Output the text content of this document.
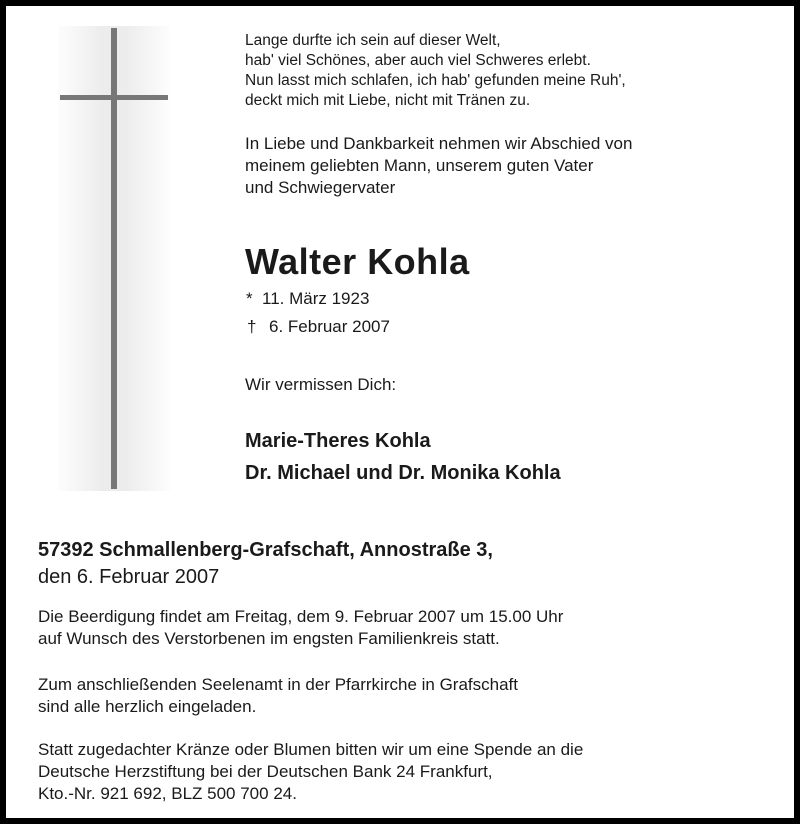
Lange durfte ich sein auf dieser Welt,
hab' viel Schönes, aber auch viel Schweres erlebt.
Nun lasst mich schlafen, ich hab' gefunden meine Ruh',
deckt mich mit Liebe, nicht mit Tränen zu.
In Liebe und Dankbarkeit nehmen wir Abschied von
meinem geliebten Mann, unserem guten Vater
und Schwiegervater
Walter Kohla
* 11. März 1923
† 6. Februar 2007
Wir vermissen Dich:
Marie-Theres Kohla
Dr. Michael und Dr. Monika Kohla
57392 Schmallenberg-Grafschaft, Annostraße 3,
den 6. Februar 2007
Die Beerdigung findet am Freitag, dem 9. Februar 2007 um 15.00 Uhr
auf Wunsch des Verstorbenen im engsten Familienkreis statt.
Zum anschließenden Seelenamt in der Pfarrkirche in Grafschaft
sind alle herzlich eingeladen.
Statt zugedachter Kränze oder Blumen bitten wir um eine Spende an die
Deutsche Herzstiftung bei der Deutschen Bank 24 Frankfurt,
Kto.-Nr. 921 692, BLZ 500 700 24.
